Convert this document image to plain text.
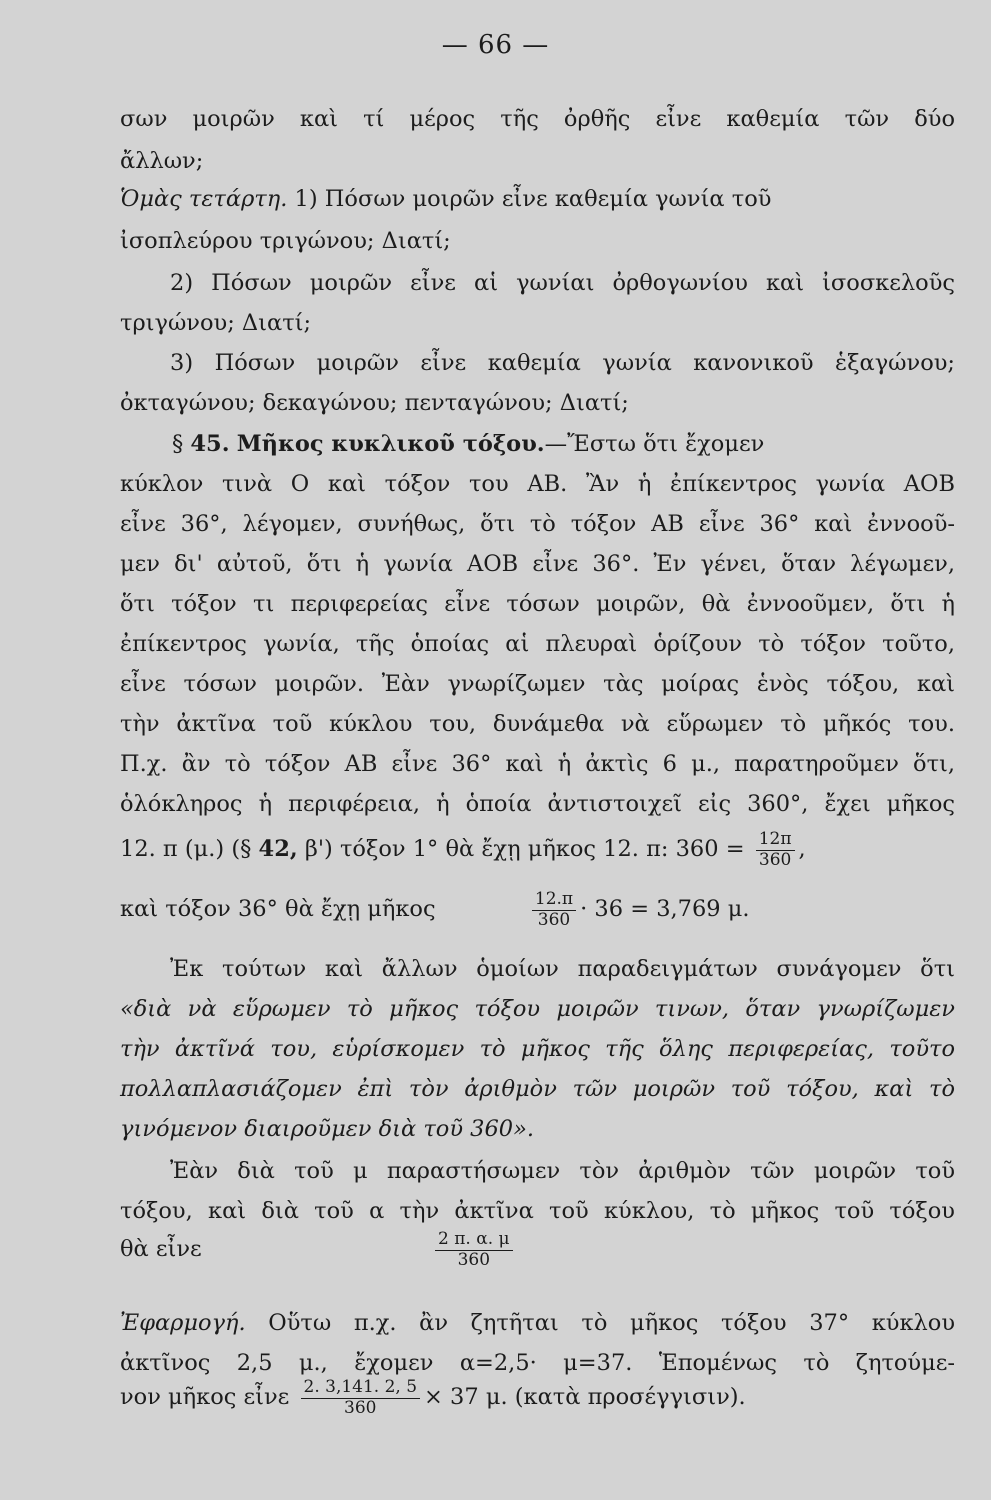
— 66 —
σων μοιρῶν καὶ τί μέρος τῆς ὀρθῆς εἶνε καθεμία τῶν δύο
ἄλλων;
Ὁμὰς τετάρτη. 1) Πόσων μοιρῶν εἶνε καθεμία γωνία τοῦ
ἰσοπλεύρου τριγώνου; Διατί;
2) Πόσων μοιρῶν εἶνε αἱ γωνίαι ὀρθογωνίου καὶ ἰσοσκελοῦς
τριγώνου; Διατί;
3) Πόσων μοιρῶν εἶνε καθεμία γωνία κανονικοῦ ἑξαγώνου;
ὀκταγώνου; δεκαγώνου; πενταγώνου; Διατί;
§ 45. Μῆκος κυκλικοῦ τόξου.—Ἔστω ὅτι ἔχομεν
κύκλον τινὰ Ο καὶ τόξον του ΑΒ. Ἂν ἡ ἐπίκεντρος γωνία ΑΟΒ
εἶνε 36°, λέγομεν, συνήθως, ὅτι τὸ τόξον ΑΒ εἶνε 36° καὶ ἐννοοῦ-
μεν δι' αὐτοῦ, ὅτι ἡ γωνία ΑΟΒ εἶνε 36°. Ἐν γένει, ὅταν λέγωμεν,
ὅτι τόξον τι περιφερείας εἶνε τόσων μοιρῶν, θὰ ἐννοοῦμεν, ὅτι ἡ
ἐπίκεντρος γωνία, τῆς ὁποίας αἱ πλευραὶ ὁρίζουν τὸ τόξον τοῦτο,
εἶνε τόσων μοιρῶν. Ἐὰν γνωρίζωμεν τὰς μοίρας ἑνὸς τόξου, καὶ
τὴν ἀκτῖνα τοῦ κύκλου του, δυνάμεθα νὰ εὕρωμεν τὸ μῆκός του.
Π.χ. ἂν τὸ τόξον ΑΒ εἶνε 36° καὶ ἡ ἀκτὶς 6 μ., παρατηροῦμεν ὅτι,
ὁλόκληρος ἡ περιφέρεια, ἡ ὁποία ἀντιστοιχεῖ εἰς 360°, ἔχει μῆκος
12. π (μ.) (§ 42, β') τόξον 1° θὰ ἔχῃ μῆκος 12. π: $360 = \frac{12\pi}{360}$ ,
καὶ τόξον 36° θὰ ἔχῃ μῆκος	$\frac{12.\pi}{360} \cdot 36 = 3,769$ μ.
Ἐκ τούτων καὶ ἄλλων ὁμοίων παραδειγμάτων συνάγομεν ὅτι
«διὰ νὰ εὕρωμεν τὸ μῆκος τόξου μοιρῶν τινων, ὅταν γνωρίζωμεν
τὴν ἀκτῖνά του, εὑρίσκομεν τὸ μῆκος τῆς ὅλης περιφερείας, τοῦτο
πολλαπλασιάζομεν ἐπὶ τὸν ἀριθμὸν τῶν μοιρῶν τοῦ τόξου, καὶ τὸ
γινόμενον διαιροῦμεν διὰ τοῦ 360».
Ἐὰν διὰ τοῦ μ παραστήσωμεν τὸν ἀριθμὸν τῶν μοιρῶν τοῦ
τόξου, καὶ διὰ τοῦ α τὴν ἀκτῖνα τοῦ κύκλου, τὸ μῆκος τοῦ τόξου
θὰ εἶνε	$\frac{2 \pi. \alpha. \mu}{360}$
Ἐφαρμογή. Οὕτω π.χ. ἂν ζητῆται τὸ μῆκος τόξου 37° κύκλου
ἀκτῖνος 2,5 μ., ἔχομεν α=2,5· μ=37. Ἑπομένως τὸ ζητούμε-
νον μῆκος εἶνε $\frac{2. 3,141. 2, 5}{360} \times 37$ μ. (κατὰ προσέγγισιν).
